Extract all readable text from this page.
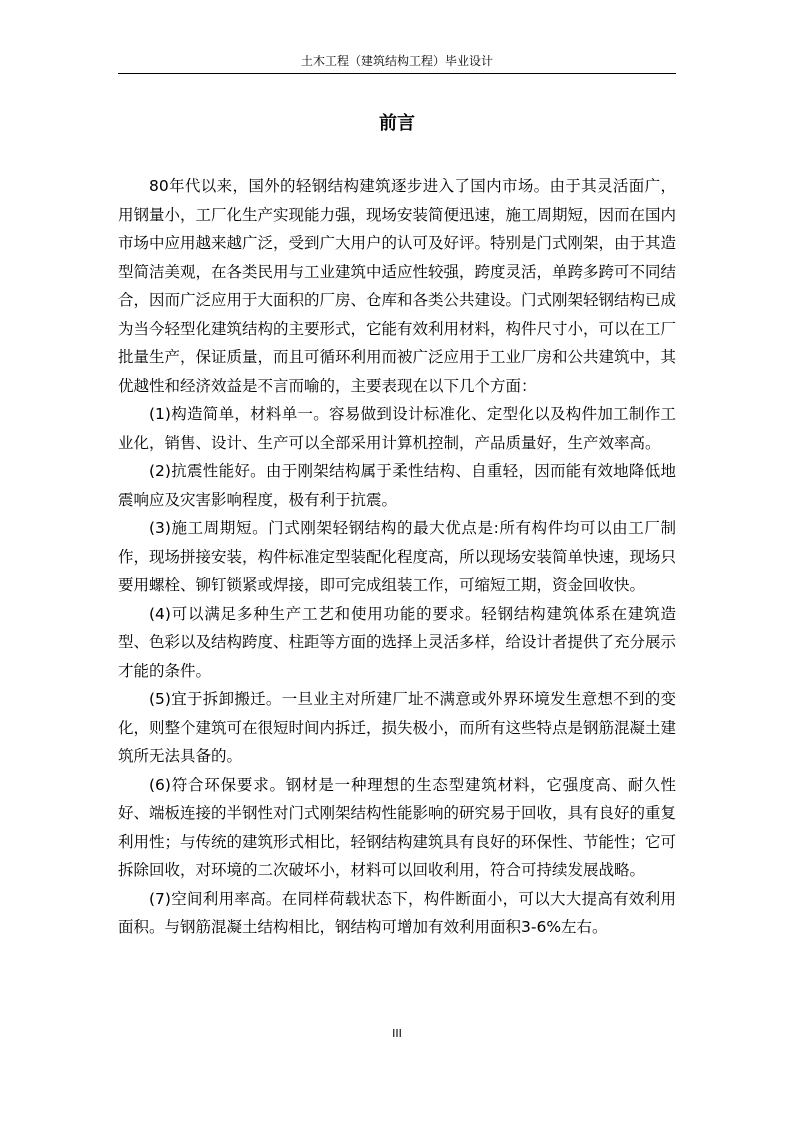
土木工程（建筑结构工程）毕业设计
前言

80年代以来，国外的轻钢结构建筑逐步进入了国内市场。由于其灵活面广，用钢量小，工厂化生产实现能力强，现场安装简便迅速，施工周期短，因而在国内市场中应用越来越广泛，受到广大用户的认可及好评。特别是门式刚架，由于其造型简洁美观，在各类民用与工业建筑中适应性较强，跨度灵活，单跨多跨可不同结合，因而广泛应用于大面积的厂房、仓库和各类公共建设。门式刚架轻钢结构已成为当今轻型化建筑结构的主要形式，它能有效利用材料，构件尺寸小，可以在工厂批量生产，保证质量，而且可循环利用而被广泛应用于工业厂房和公共建筑中，其优越性和经济效益是不言而喻的，主要表现在以下几个方面：

(1)构造简单，材料单一。容易做到设计标准化、定型化以及构件加工制作工业化，销售、设计、生产可以全部采用计算机控制，产品质量好，生产效率高。

(2)抗震性能好。由于刚架结构属于柔性结构、自重轻，因而能有效地降低地震响应及灾害影响程度，极有利于抗震。

(3)施工周期短。门式刚架轻钢结构的最大优点是:所有构件均可以由工厂制作，现场拼接安装，构件标准定型装配化程度高，所以现场安装简单快速，现场只要用螺栓、铆钉锁紧或焊接，即可完成组装工作，可缩短工期，资金回收快。

(4)可以满足多种生产工艺和使用功能的要求。轻钢结构建筑体系在建筑造型、色彩以及结构跨度、柱距等方面的选择上灵活多样，给设计者提供了充分展示才能的条件。

(5)宜于拆卸搬迁。一旦业主对所建厂址不满意或外界环境发生意想不到的变化，则整个建筑可在很短时间内拆迁，损失极小，而所有这些特点是钢筋混凝土建筑所无法具备的。

(6)符合环保要求。钢材是一种理想的生态型建筑材料，它强度高、耐久性好、端板连接的半钢性对门式刚架结构性能影响的研究易于回收，具有良好的重复利用性；与传统的建筑形式相比，轻钢结构建筑具有良好的环保性、节能性；它可拆除回收，对环境的二次破坏小，材料可以回收利用，符合可持续发展战略。

(7)空间利用率高。在同样荷载状态下，构件断面小，可以大大提高有效利用面积。与钢筋混凝土结构相比，钢结构可增加有效利用面积3-6%左右。

III
